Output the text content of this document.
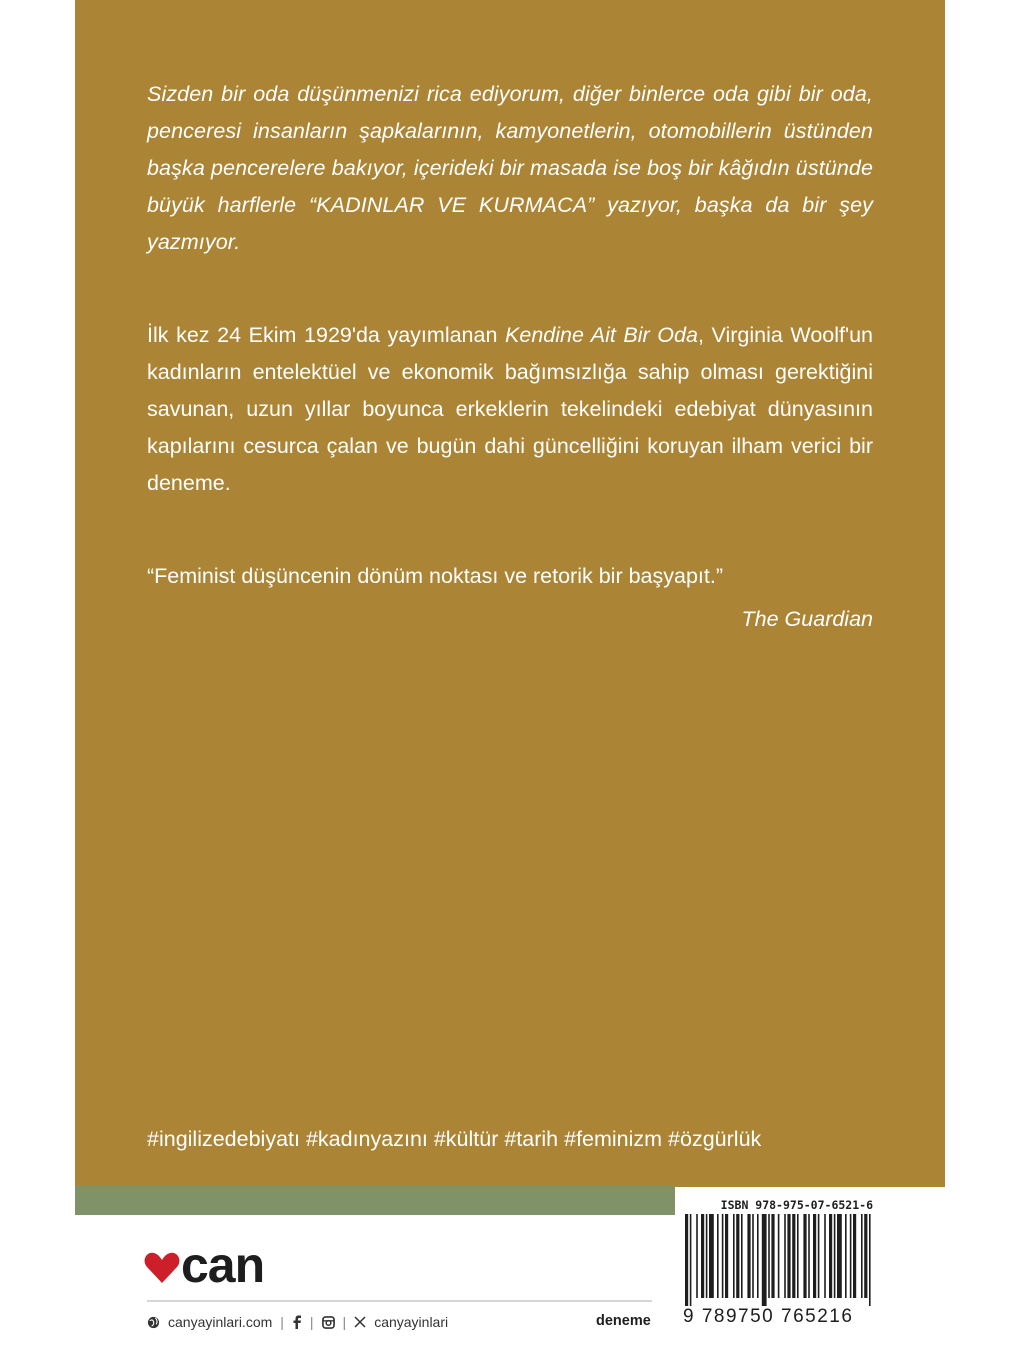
Sizden bir oda düşünmenizi rica ediyorum, diğer binlerce oda gibi bir oda, penceresi insanların şapkalarının, kamyonetlerin, otomobillerin üstünden başka pencerelere bakıyor, içerideki bir masada ise boş bir kâğıdın üstünde büyük harflerle “KADINLAR VE KURMACA” yazıyor, başka da bir şey yazmıyor.

İlk kez 24 Ekim 1929'da yayımlanan Kendine Ait Bir Oda, Virginia Woolf'un kadınların entelektüel ve ekonomik bağımsızlığa sahip olması gerektiğini savunan, uzun yıllar boyunca erkeklerin tekelindeki edebiyat dünyasının kapılarını cesurca çalan ve bugün dahi güncelliğini koruyan ilham verici bir deneme.

“Feminist düşüncenin dönüm noktası ve retorik bir başyapıt.”
The Guardian
#ingilizedebiyatı #kadınyazını #kültür #tarih #feminizm #özgürlük
can
canyayinlari.com | | | canyayinlari	deneme
ISBN 978-975-07-6521-6
9 789750 765216
